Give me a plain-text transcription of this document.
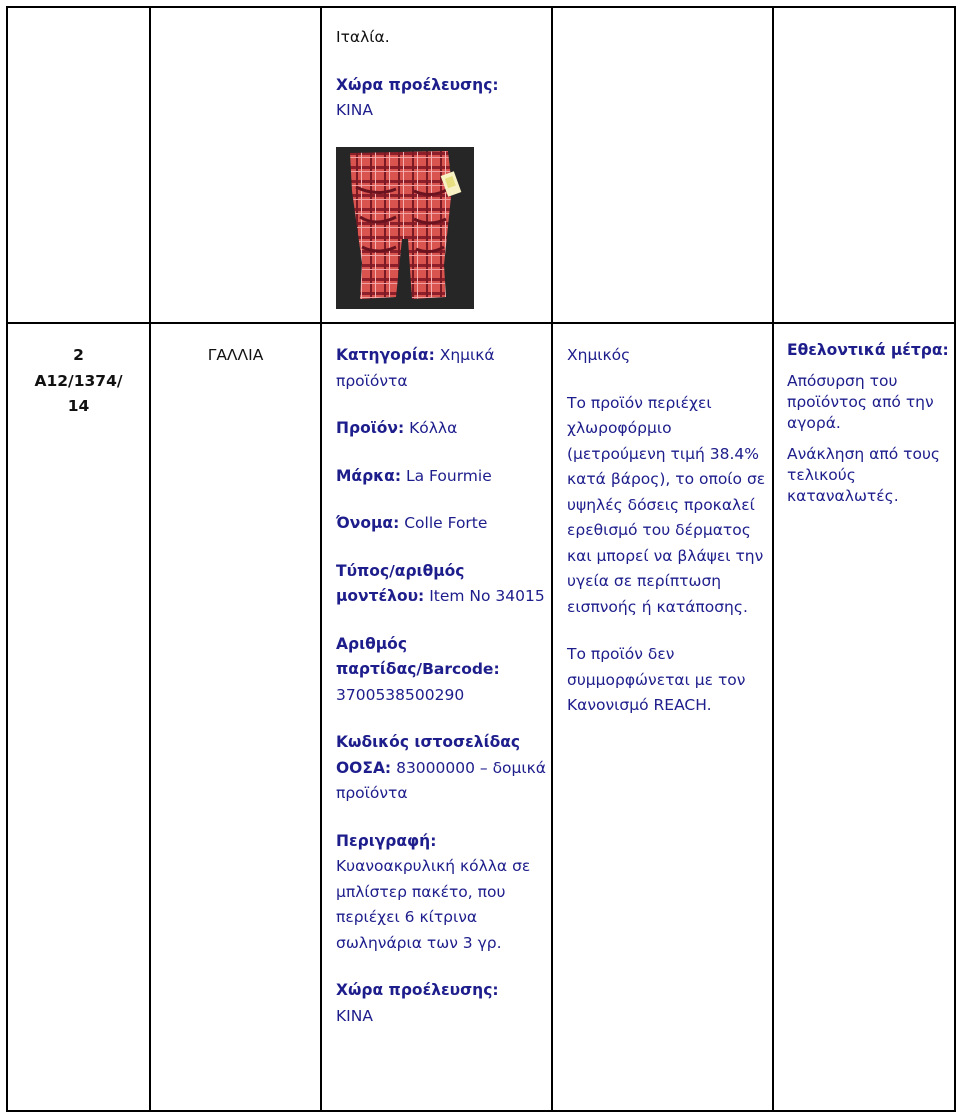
Ιταλία.

Χώρα προέλευσης:
ΚΙΝΑ
2
A12/1374/
14
ΓΑΛΛΙΑ	Κατηγορία: Χημικά προϊόντα

Προϊόν: Κόλλα

Μάρκα: La Fourmie

Όνομα: Colle Forte

Τύπος/αριθμός μοντέλου: Item No 34015

Αριθμός παρτίδας/Barcode: 3700538500290

Κωδικός ιστοσελίδας ΟΟΣΑ: 83000000 – δομικά προϊόντα

Περιγραφή:
Κυανοακρυλική κόλλα σε μπλίστερ πακέτο, που περιέχει 6 κίτρινα σωληνάρια των 3 γρ.

Χώρα προέλευσης:
ΚΙΝΑ

Χημικός

Το προϊόν περιέχει χλωροφόρμιο (μετρούμενη τιμή 38.4% κατά βάρος), το οποίο σε υψηλές δόσεις προκαλεί ερεθισμό του δέρματος και μπορεί να βλάψει την υγεία σε περίπτωση εισπνοής ή κατάποσης.

Το προϊόν δεν συμμορφώνεται με τον Κανονισμό REACH.

Εθελοντικά μέτρα:

Απόσυρση του προϊόντος από την αγορά.

Ανάκληση από τους τελικούς καταναλωτές.
